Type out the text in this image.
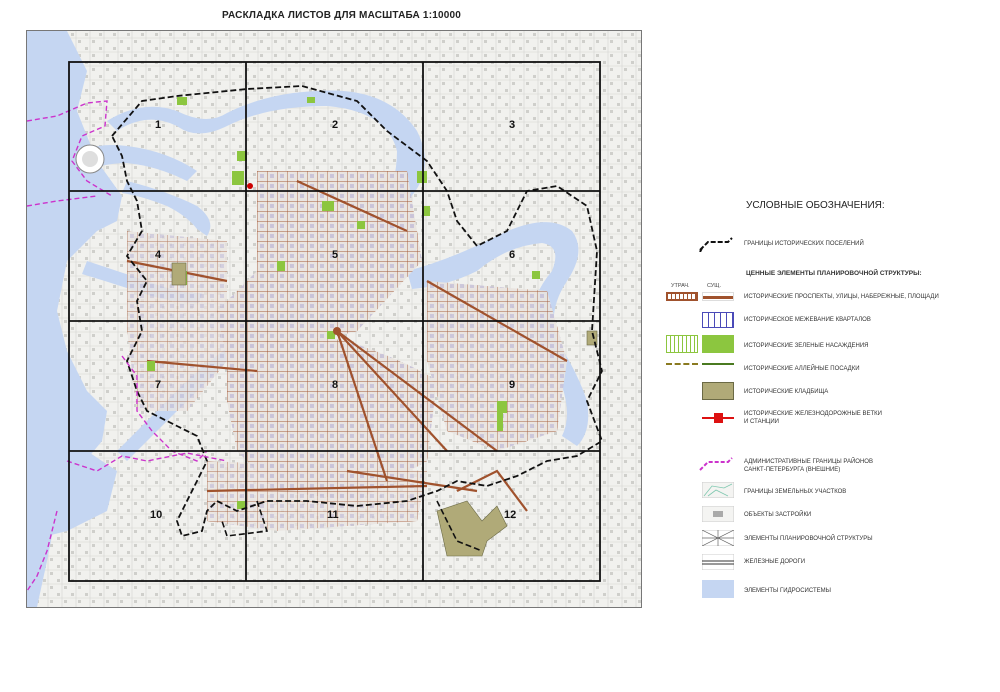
РАСКЛАДКА ЛИСТОВ ДЛЯ МАСШТАБА 1:10000
1	2	3
4	5	6
7	8	9
10	11	12
УСЛОВНЫЕ ОБОЗНАЧЕНИЯ:
ГРАНИЦЫ ИСТОРИЧЕСКИХ ПОСЕЛЕНИЙ
ЦЕННЫЕ ЭЛЕМЕНТЫ ПЛАНИРОВОЧНОЙ СТРУКТУРЫ:
УТРАЧ.	СУЩ.
ИСТОРИЧЕСКИЕ ПРОСПЕКТЫ, УЛИЦЫ, НАБЕРЕЖНЫЕ, ПЛОЩАДИ
ИСТОРИЧЕСКОЕ МЕЖЕВАНИЕ КВАРТАЛОВ
ИСТОРИЧЕСКИЕ ЗЕЛЕНЫЕ НАСАЖДЕНИЯ
ИСТОРИЧЕСКИЕ АЛЛЕЙНЫЕ ПОСАДКИ
ИСТОРИЧЕСКИЕ КЛАДБИЩА
ИСТОРИЧЕСКИЕ ЖЕЛЕЗНОДОРОЖНЫЕ ВЕТКИ
И СТАНЦИИ
АДМИНИСТРАТИВНЫЕ ГРАНИЦЫ РАЙОНОВ
САНКТ-ПЕТЕРБУРГА (ВНЕШНИЕ)
ГРАНИЦЫ ЗЕМЕЛЬНЫХ УЧАСТКОВ
ОБЪЕКТЫ ЗАСТРОЙКИ
ЭЛЕМЕНТЫ ПЛАНИРОВОЧНОЙ СТРУКТУРЫ
ЖЕЛЕЗНЫЕ ДОРОГИ
ЭЛЕМЕНТЫ ГИДРОСИСТЕМЫ
